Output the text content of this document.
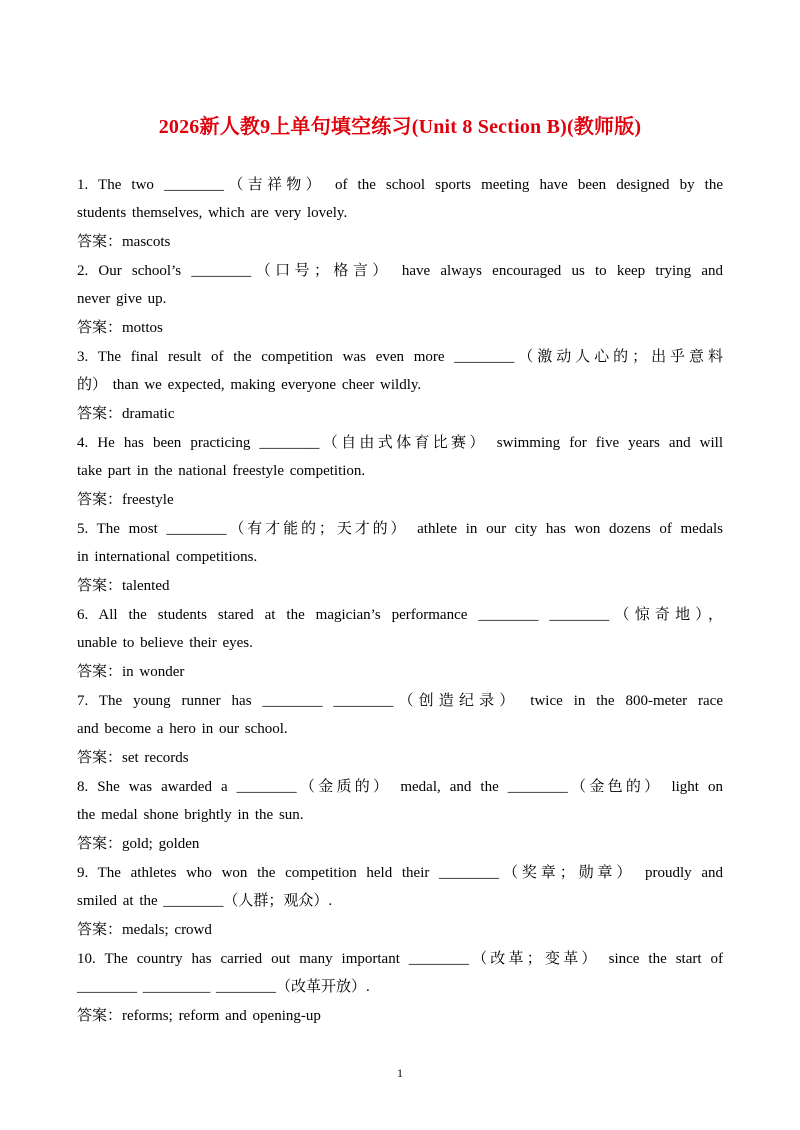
2026新人教9上单句填空练习(Unit 8 Section B)(教师版)
1. The two ________（吉祥物） of the school sports meeting have been designed by the
students themselves, which are very lovely.
答案：mascots
2. Our school’s ________（口号；格言） have always encouraged us to keep trying and
never give up.
答案：mottos
3. The final result of the competition was even more ________（激动人心的；出乎意料
的） than we expected, making everyone cheer wildly.
答案：dramatic
4. He has been practicing ________（自由式体育比赛） swimming for five years and will
take part in the national freestyle competition.
答案：freestyle
5. The most ________（有才能的；天才的） athlete in our city has won dozens of medals
in international competitions.
答案：talented
6. All the students stared at the magician’s performance ________ ________（惊奇地），
unable to believe their eyes.
答案：in wonder
7. The young runner has ________ ________（创造纪录） twice in the 800-meter race
and become a hero in our school.
答案：set records
8. She was awarded a ________（金质的） medal, and the ________（金色的） light on
the medal shone brightly in the sun.
答案：gold; golden
9. The athletes who won the competition held their ________（奖章；勋章） proudly and
smiled at the ________（人群；观众）.
答案：medals; crowd
10. The country has carried out many important ________（改革；变革） since the start of
________ _________ ________（改革开放）.
答案：reforms; reform and opening-up
1
